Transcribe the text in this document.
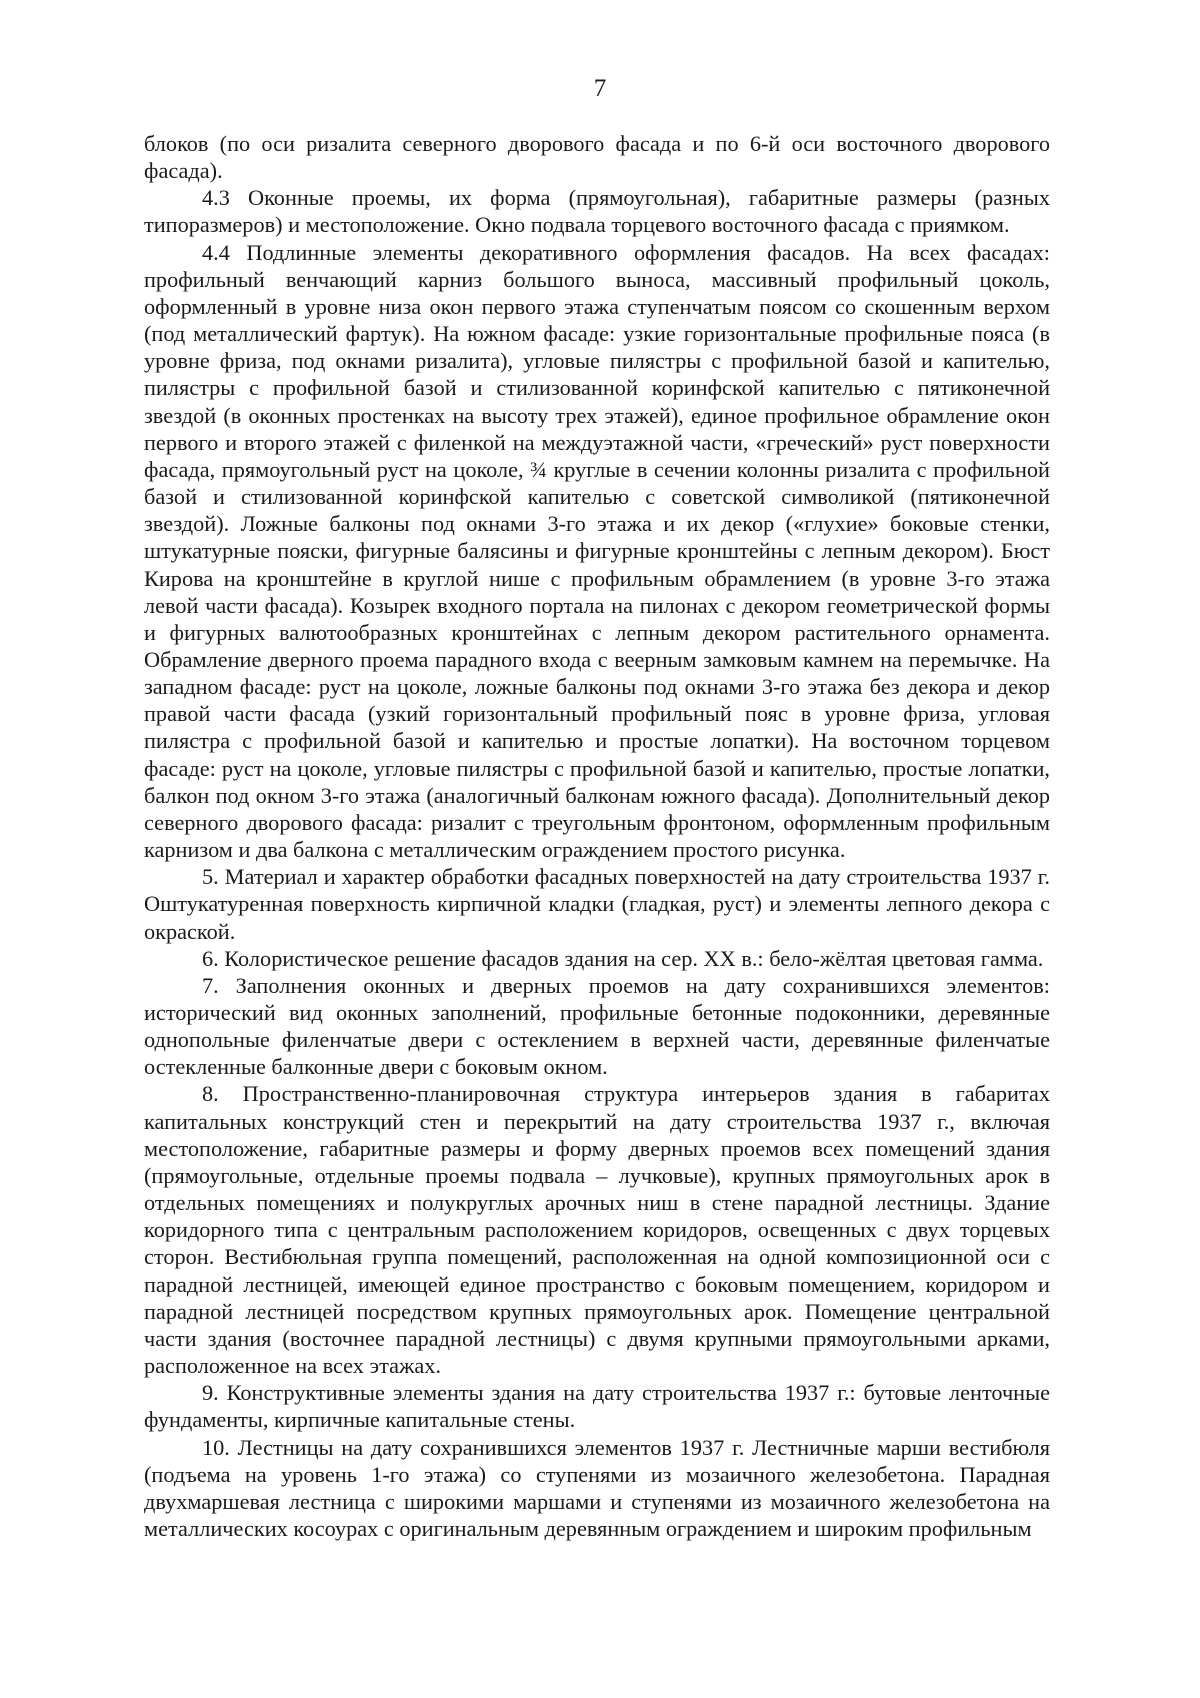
7

блоков (по оси ризалита северного дворового фасада и по 6-й оси восточного дворового фасада).

4.3 Оконные проемы, их форма (прямоугольная), габаритные размеры (разных типоразмеров) и местоположение. Окно подвала торцевого восточного фасада с приямком.

4.4 Подлинные элементы декоративного оформления фасадов. На всех фасадах: профильный венчающий карниз большого выноса, массивный профильный цоколь, оформленный в уровне низа окон первого этажа ступенчатым поясом со скошенным верхом (под металлический фартук). На южном фасаде: узкие горизонтальные профильные пояса (в уровне фриза, под окнами ризалита), угловые пилястры с профильной базой и капителью, пилястры с профильной базой и стилизованной коринфской капителью с пятиконечной звездой (в оконных простенках на высоту трех этажей), единое профильное обрамление окон первого и второго этажей с филенкой на междуэтажной части, «греческий» руст поверхности фасада, прямоугольный руст на цоколе, ¾ круглые в сечении колонны ризалита с профильной базой и стилизованной коринфской капителью с советской символикой (пятиконечной звездой). Ложные балконы под окнами 3-го этажа и их декор («глухие» боковые стенки, штукатурные пояски, фигурные балясины и фигурные кронштейны с лепным декором). Бюст Кирова на кронштейне в круглой нише с профильным обрамлением (в уровне 3-го этажа левой части фасада). Козырек входного портала на пилонах с декором геометрической формы и фигурных валютообразных кронштейнах с лепным декором растительного орнамента. Обрамление дверного проема парадного входа с веерным замковым камнем на перемычке. На западном фасаде: руст на цоколе, ложные балконы под окнами 3-го этажа без декора и декор правой части фасада (узкий горизонтальный профильный пояс в уровне фриза, угловая пилястра с профильной базой и капителью и простые лопатки). На восточном торцевом фасаде: руст на цоколе, угловые пилястры с профильной базой и капителью, простые лопатки, балкон под окном 3-го этажа (аналогичный балконам южного фасада). Дополнительный декор северного дворового фасада: ризалит с треугольным фронтоном, оформленным профильным карнизом и два балкона с металлическим ограждением простого рисунка.

5. Материал и характер обработки фасадных поверхностей на дату строительства 1937 г. Оштукатуренная поверхность кирпичной кладки (гладкая, руст) и элементы лепного декора с окраской.

6. Колористическое решение фасадов здания на сер. XX в.: бело-жёлтая цветовая гамма.

7. Заполнения оконных и дверных проемов на дату сохранившихся элементов: исторический вид оконных заполнений, профильные бетонные подоконники, деревянные однопольные филенчатые двери с остеклением в верхней части, деревянные филенчатые остекленные балконные двери с боковым окном.

8. Пространственно-планировочная структура интерьеров здания в габаритах капитальных конструкций стен и перекрытий на дату строительства 1937 г., включая местоположение, габаритные размеры и форму дверных проемов всех помещений здания (прямоугольные, отдельные проемы подвала – лучковые), крупных прямоугольных арок в отдельных помещениях и полукруглых арочных ниш в стене парадной лестницы. Здание коридорного типа с центральным расположением коридоров, освещенных с двух торцевых сторон. Вестибюльная группа помещений, расположенная на одной композиционной оси с парадной лестницей, имеющей единое пространство с боковым помещением, коридором и парадной лестницей посредством крупных прямоугольных арок. Помещение центральной части здания (восточнее парадной лестницы) с двумя крупными прямоугольными арками, расположенное на всех этажах.

9. Конструктивные элементы здания на дату строительства 1937 г.: бутовые ленточные фундаменты, кирпичные капитальные стены.

10. Лестницы на дату сохранившихся элементов 1937 г. Лестничные марши вестибюля (подъема на уровень 1-го этажа) со ступенями из мозаичного железобетона. Парадная двухмаршевая лестница с широкими маршами и ступенями из мозаичного железобетона на металлических косоурах с оригинальным деревянным ограждением и широким профильным
